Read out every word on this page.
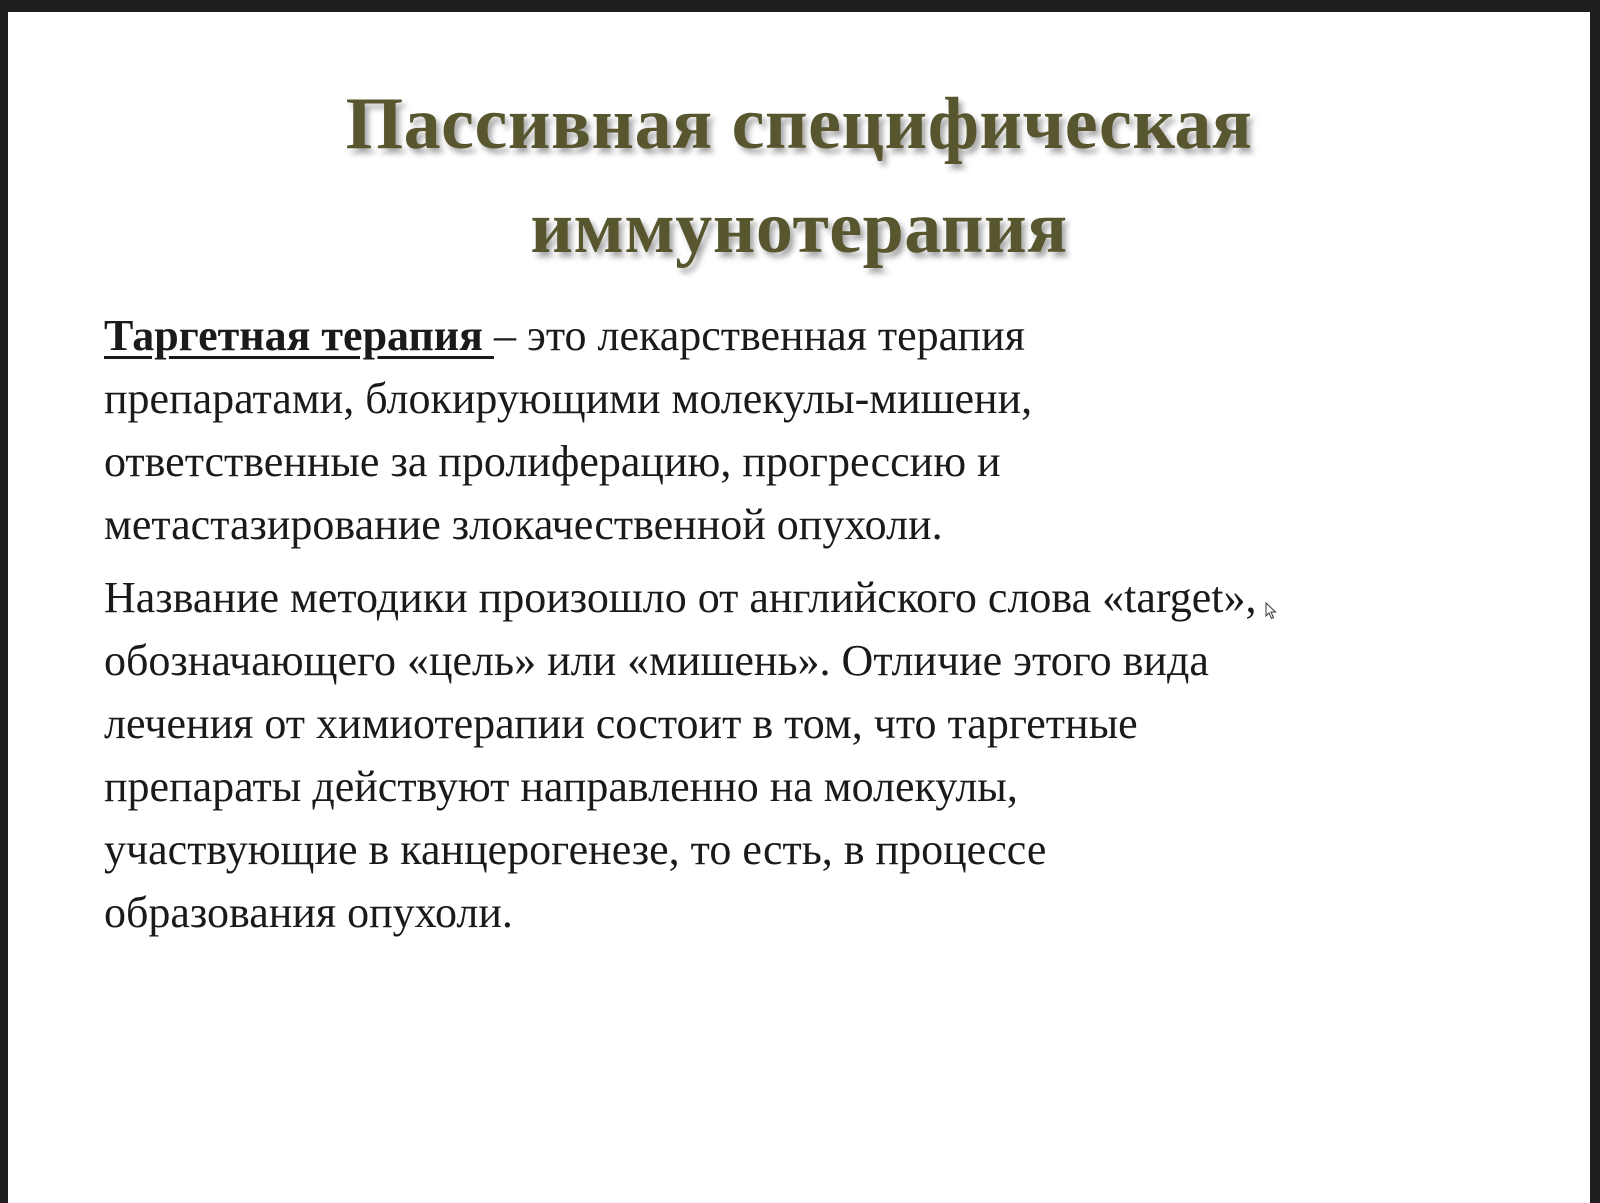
Пассивная специфическая
иммунотерапия

Таргетная терапия – это лекарственная терапия
препаратами, блокирующими молекулы-мишени,
ответственные за пролиферацию, прогрессию и
метастазирование злокачественной опухоли.

Название методики произошло от английского слова «target»,
обозначающего «цель» или «мишень». Отличие этого вида
лечения от химиотерапии состоит в том, что таргетные
препараты действуют направленно на молекулы,
участвующие в канцерогенезе, то есть, в процессе
образования опухоли.
